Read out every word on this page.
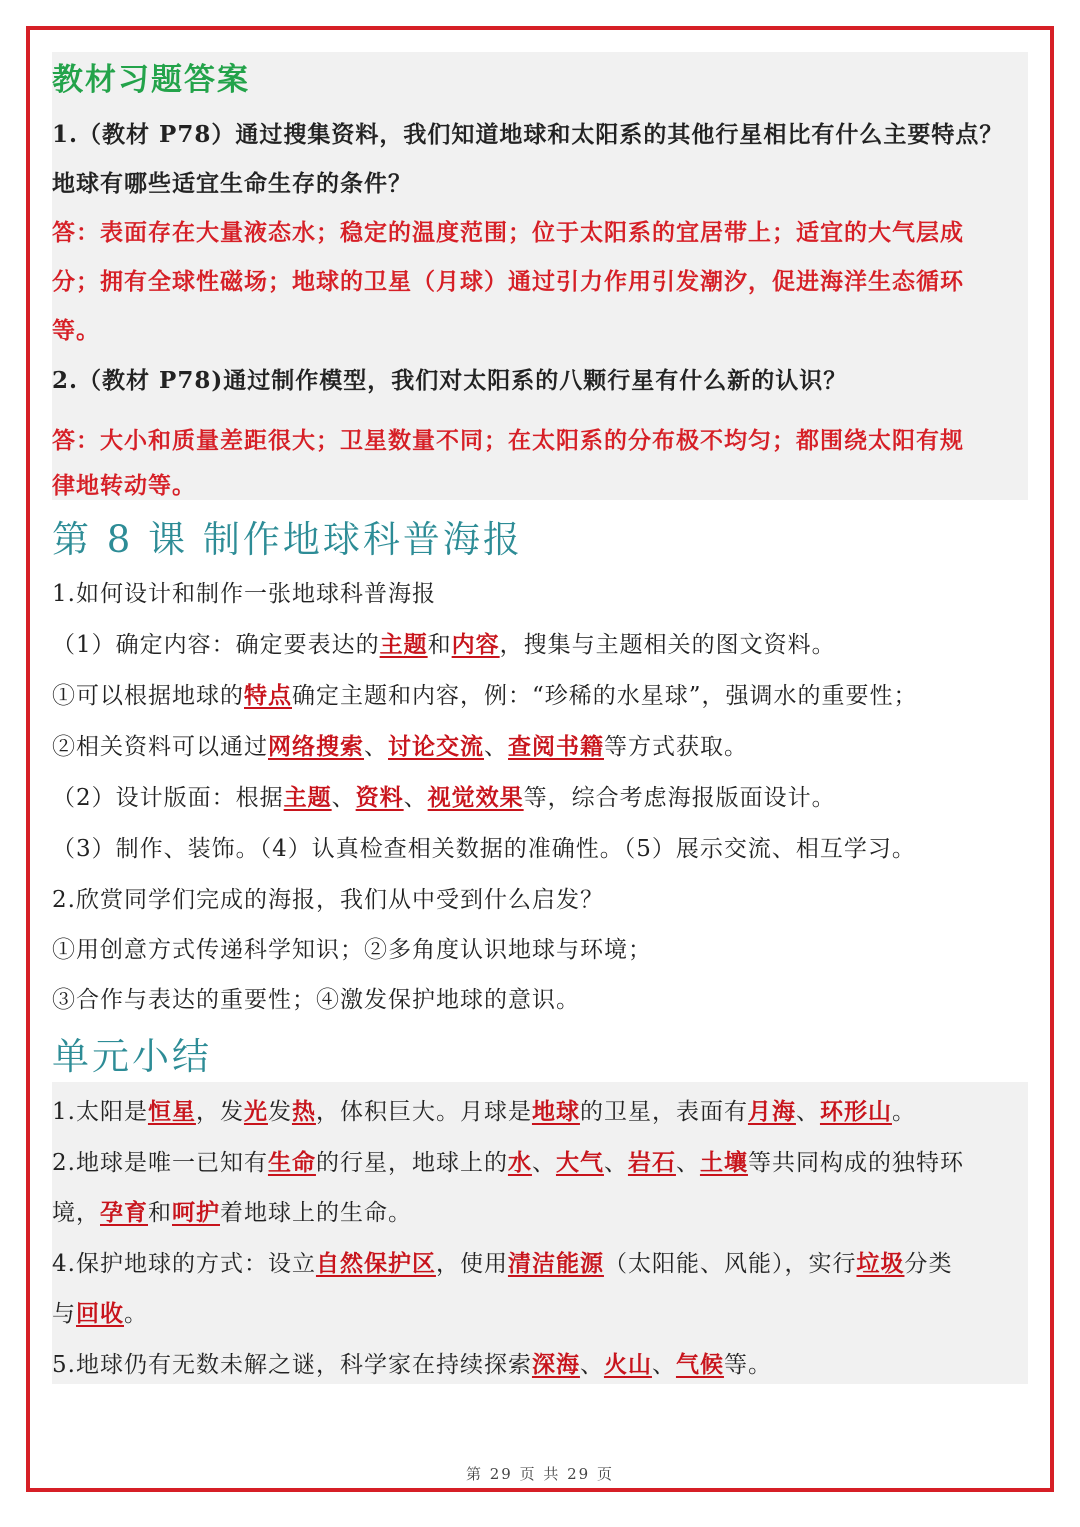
教材习题答案
1.（教材 P78）通过搜集资料，我们知道地球和太阳系的其他行星相比有什么主要特点？
地球有哪些适宜生命生存的条件？
答：表面存在大量液态水；稳定的温度范围；位于太阳系的宜居带上；适宜的大气层成
分；拥有全球性磁场；地球的卫星（月球）通过引力作用引发潮汐，促进海洋生态循环
等。
2.（教材 P78)通过制作模型，我们对太阳系的八颗行星有什么新的认识？
答：大小和质量差距很大；卫星数量不同；在太阳系的分布极不均匀；都围绕太阳有规
律地转动等。
第 8 课 制作地球科普海报
1.如何设计和制作一张地球科普海报
（1）确定内容：确定要表达的主题和内容，搜集与主题相关的图文资料。
①可以根据地球的特点确定主题和内容，例：“珍稀的水星球”，强调水的重要性；
②相关资料可以通过网络搜索、讨论交流、查阅书籍等方式获取。
（2）设计版面：根据主题、资料、视觉效果等，综合考虑海报版面设计。
（3）制作、装饰。（4）认真检查相关数据的准确性。（5）展示交流、相互学习。
2.欣赏同学们完成的海报，我们从中受到什么启发？
①用创意方式传递科学知识；②多角度认识地球与环境；
③合作与表达的重要性；④激发保护地球的意识。
单元小结
1.太阳是恒星，发光发热，体积巨大。月球是地球的卫星，表面有月海、环形山。
2.地球是唯一已知有生命的行星，地球上的水、大气、岩石、土壤等共同构成的独特环
境，孕育和呵护着地球上的生命。
4.保护地球的方式：设立自然保护区，使用清洁能源（太阳能、风能），实行垃圾分类
与回收。
5.地球仍有无数未解之谜，科学家在持续探索深海、火山、气候等。
第 29 页 共 29 页
